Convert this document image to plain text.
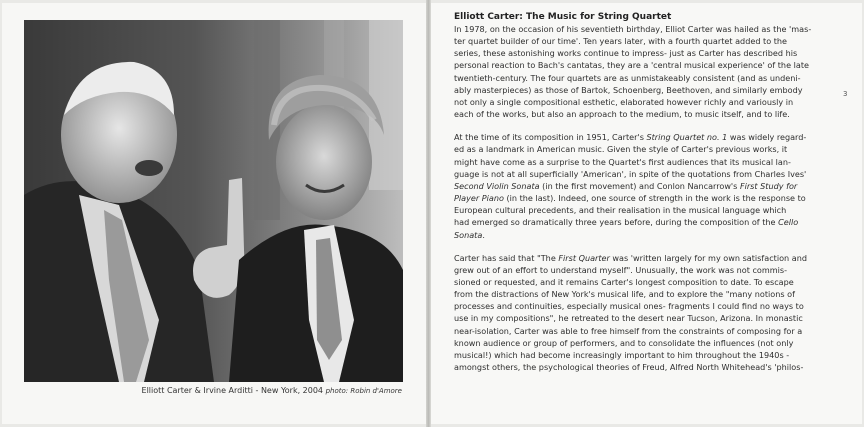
Elliott Carter & Irvine Arditti - New York, 2004 photo: Robin d'Amore
Elliott Carter: The Music for String Quartet

In 1978, on the occasion of his seventieth birthday, Elliot Carter was hailed as the 'mas-
ter quartet builder of our time'. Ten years later, with a fourth quartet added to the
series, these astonishing works continue to impress- just as Carter has described his
personal reaction to Bach's cantatas, they are a 'central musical experience' of the late
twentieth-century. The four quartets are as unmistakeably consistent (and as undeni-
ably masterpieces) as those of Bartok, Schoenberg, Beethoven, and similarly embody
not only a single compositional esthetic, elaborated however richly and variously in
each of the works, but also an approach to the medium, to music itself, and to life.

At the time of its composition in 1951, Carter's String Quartet no. 1 was widely regard-
ed as a landmark in American music. Given the style of Carter's previous works, it
might have come as a surprise to the Quartet's first audiences that its musical lan-
guage is not at all superficially 'American', in spite of the quotations from Charles Ives'
Second Violin Sonata (in the first movement) and Conlon Nancarrow's First Study for
Player Piano (in the last). Indeed, one source of strength in the work is the response to
European cultural precedents, and their realisation in the musical language which
had emerged so dramatically three years before, during the composition of the Cello
Sonata.

Carter has said that "The First Quarter was 'written largely for my own satisfaction and
grew out of an effort to understand myself". Unusually, the work was not commis-
sioned or requested, and it remains Carter's longest composition to date. To escape
from the distractions of New York's musical life, and to explore the "many notions of
processes and continuities, especially musical ones- fragments I could find no ways to
use in my compositions", he retreated to the desert near Tucson, Arizona. In monastic
near-isolation, Carter was able to free himself from the constraints of composing for a
known audience or group of performers, and to consolidate the influences (not only
musical!) which had become increasingly important to him throughout the 1940s -
amongst others, the psychological theories of Freud, Alfred North Whitehead's 'philos-

3
